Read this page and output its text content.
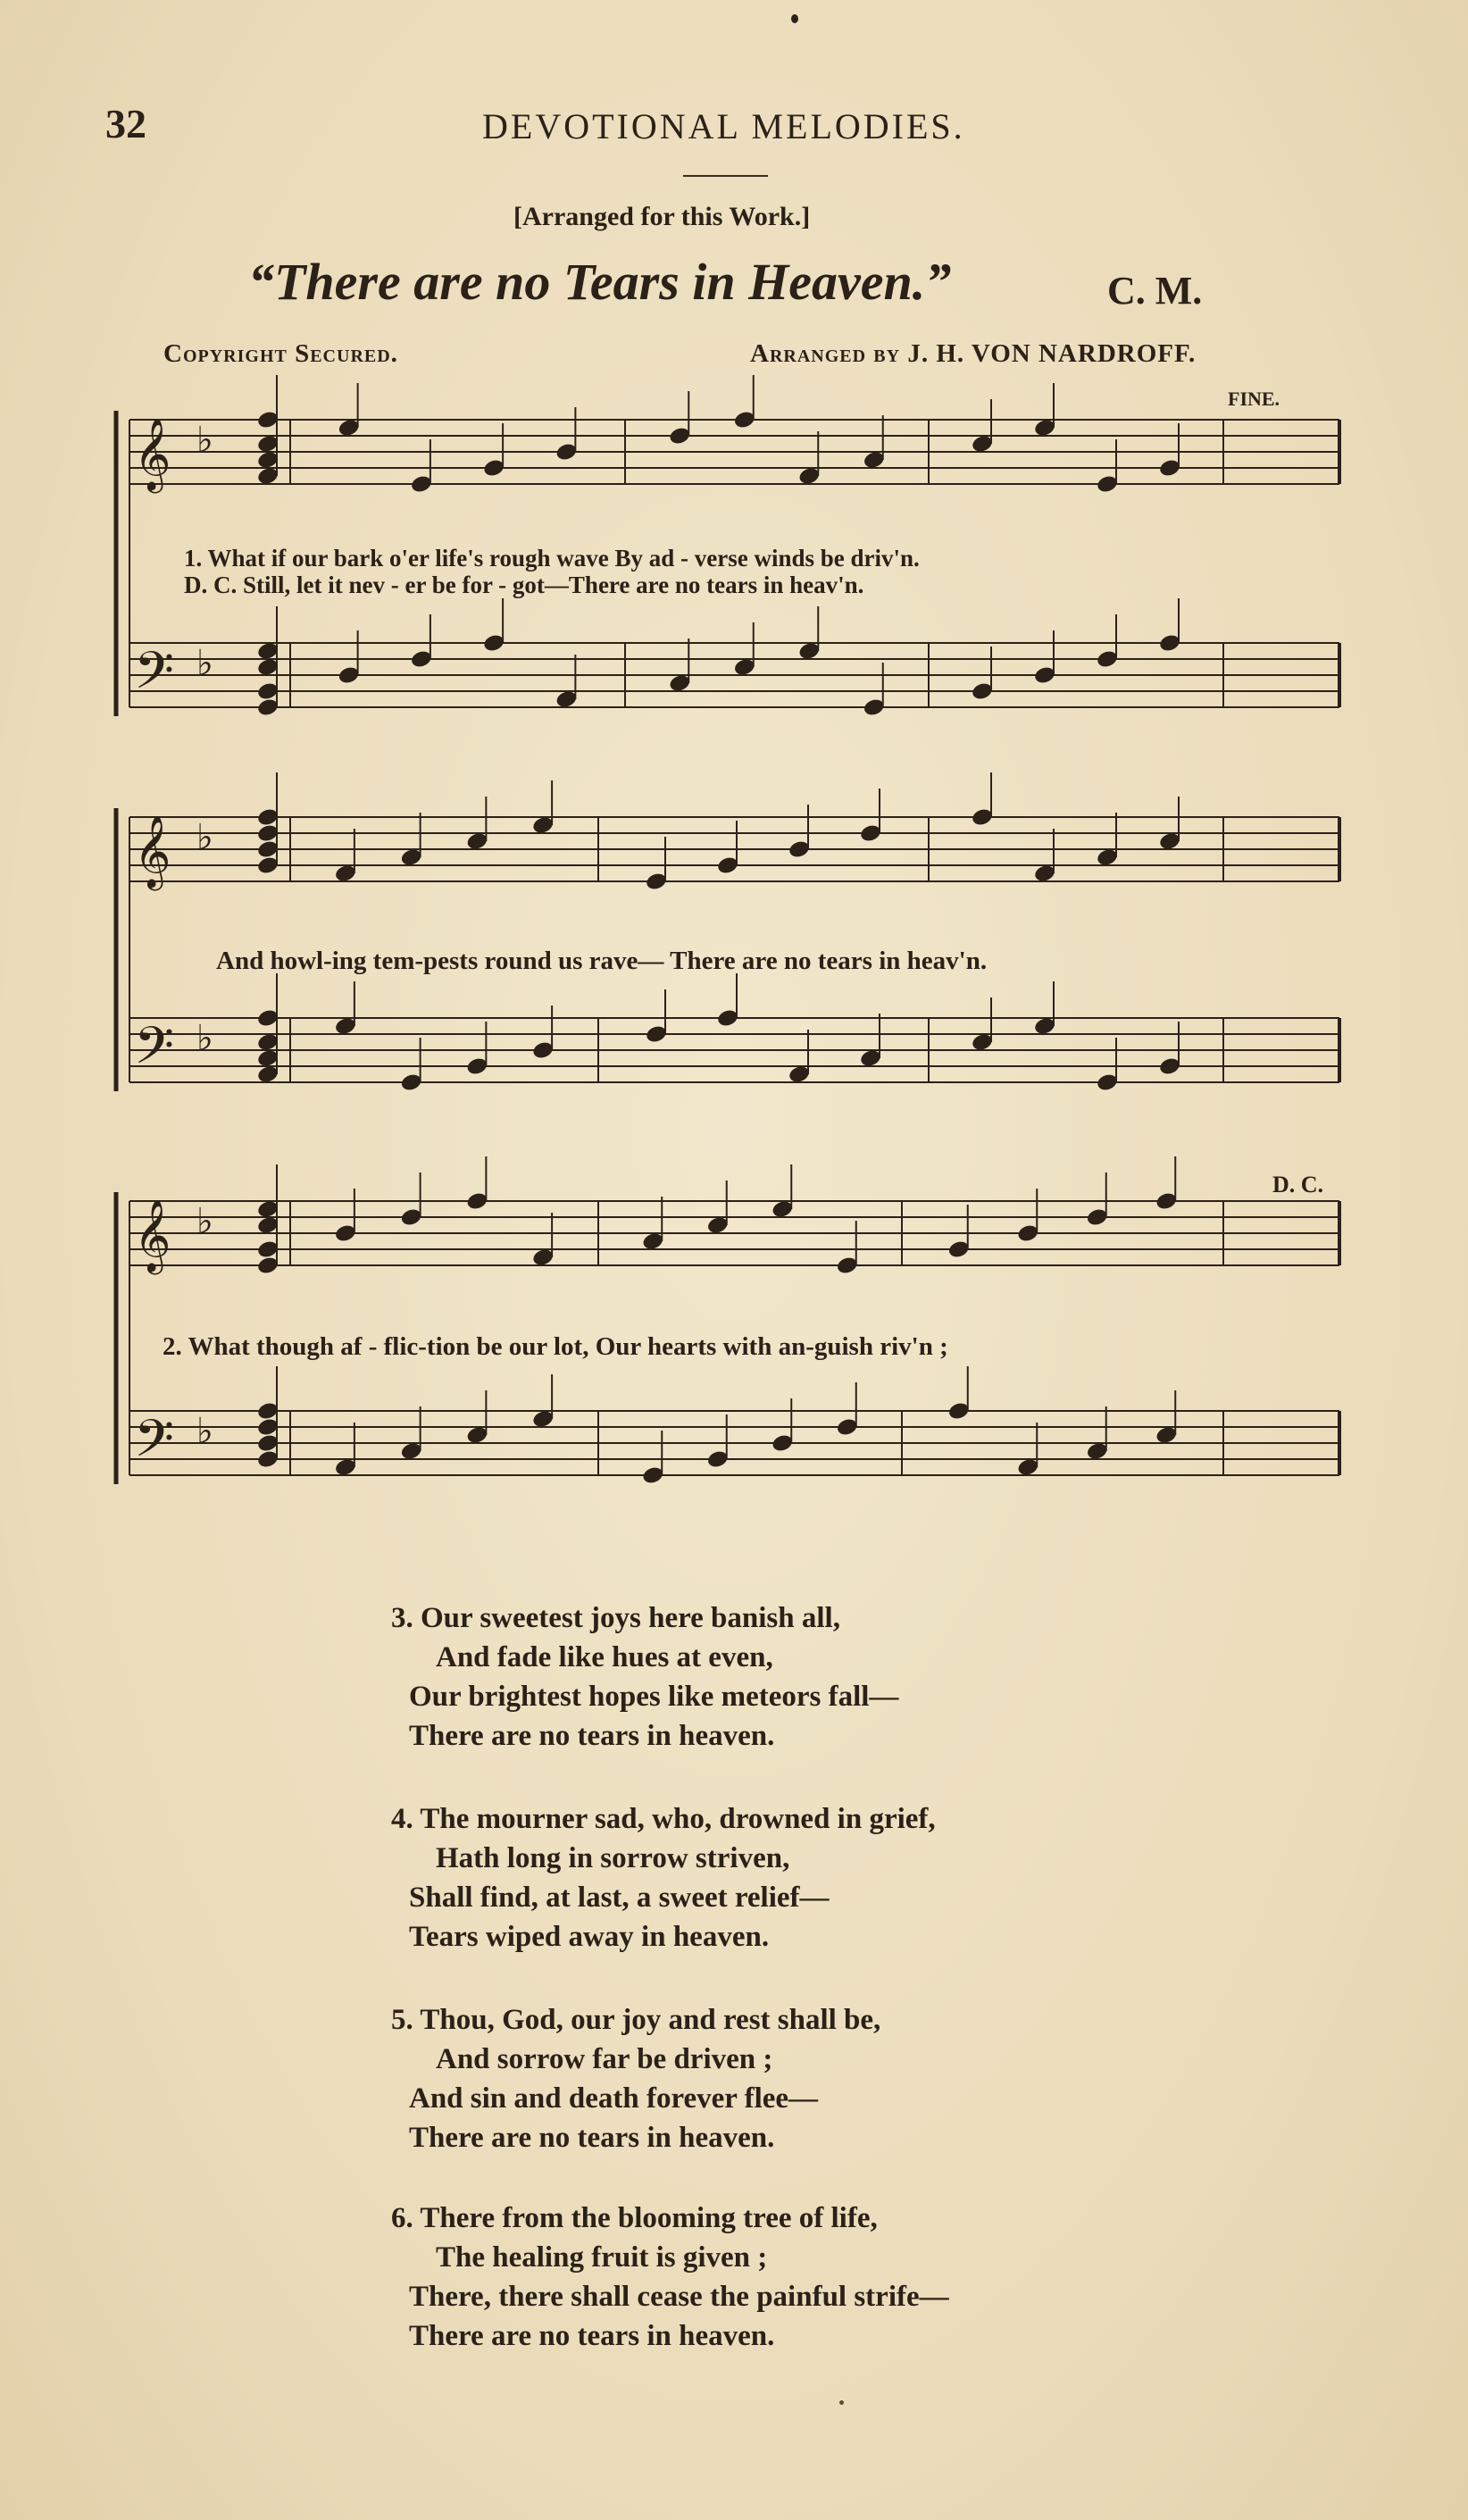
32	DEVOTIONAL MELODIES.
[Arranged for this Work.]
“There are no Tears in Heaven.”	C. M.
Copyright Secured.	Arranged by J. H. VON NARDROFF.
𝄞 ♭
𝄢 ♭
𝄞 ♭
𝄢 ♭
𝄞 ♭
𝄢 ♭
FINE.
D. C.
1. What if our bark o'er life's rough wave By ad - verse winds be driv'n.
D. C. Still, let it nev - er be for - got—There are no tears in heav'n.
And howl-ing tem-pests round us rave— There are no tears in heav'n.
2. What though af - flic-tion be our lot, Our hearts with an-guish riv'n ;
3. Our sweetest joys here banish all,
And fade like hues at even,
Our brightest hopes like meteors fall—
There are no tears in heaven.
4. The mourner sad, who, drowned in grief,
Hath long in sorrow striven,
Shall find, at last, a sweet relief—
Tears wiped away in heaven.
5. Thou, God, our joy and rest shall be,
And sorrow far be driven ;
And sin and death forever flee—
There are no tears in heaven.
6. There from the blooming tree of life,
The healing fruit is given ;
There, there shall cease the painful strife—
There are no tears in heaven.
